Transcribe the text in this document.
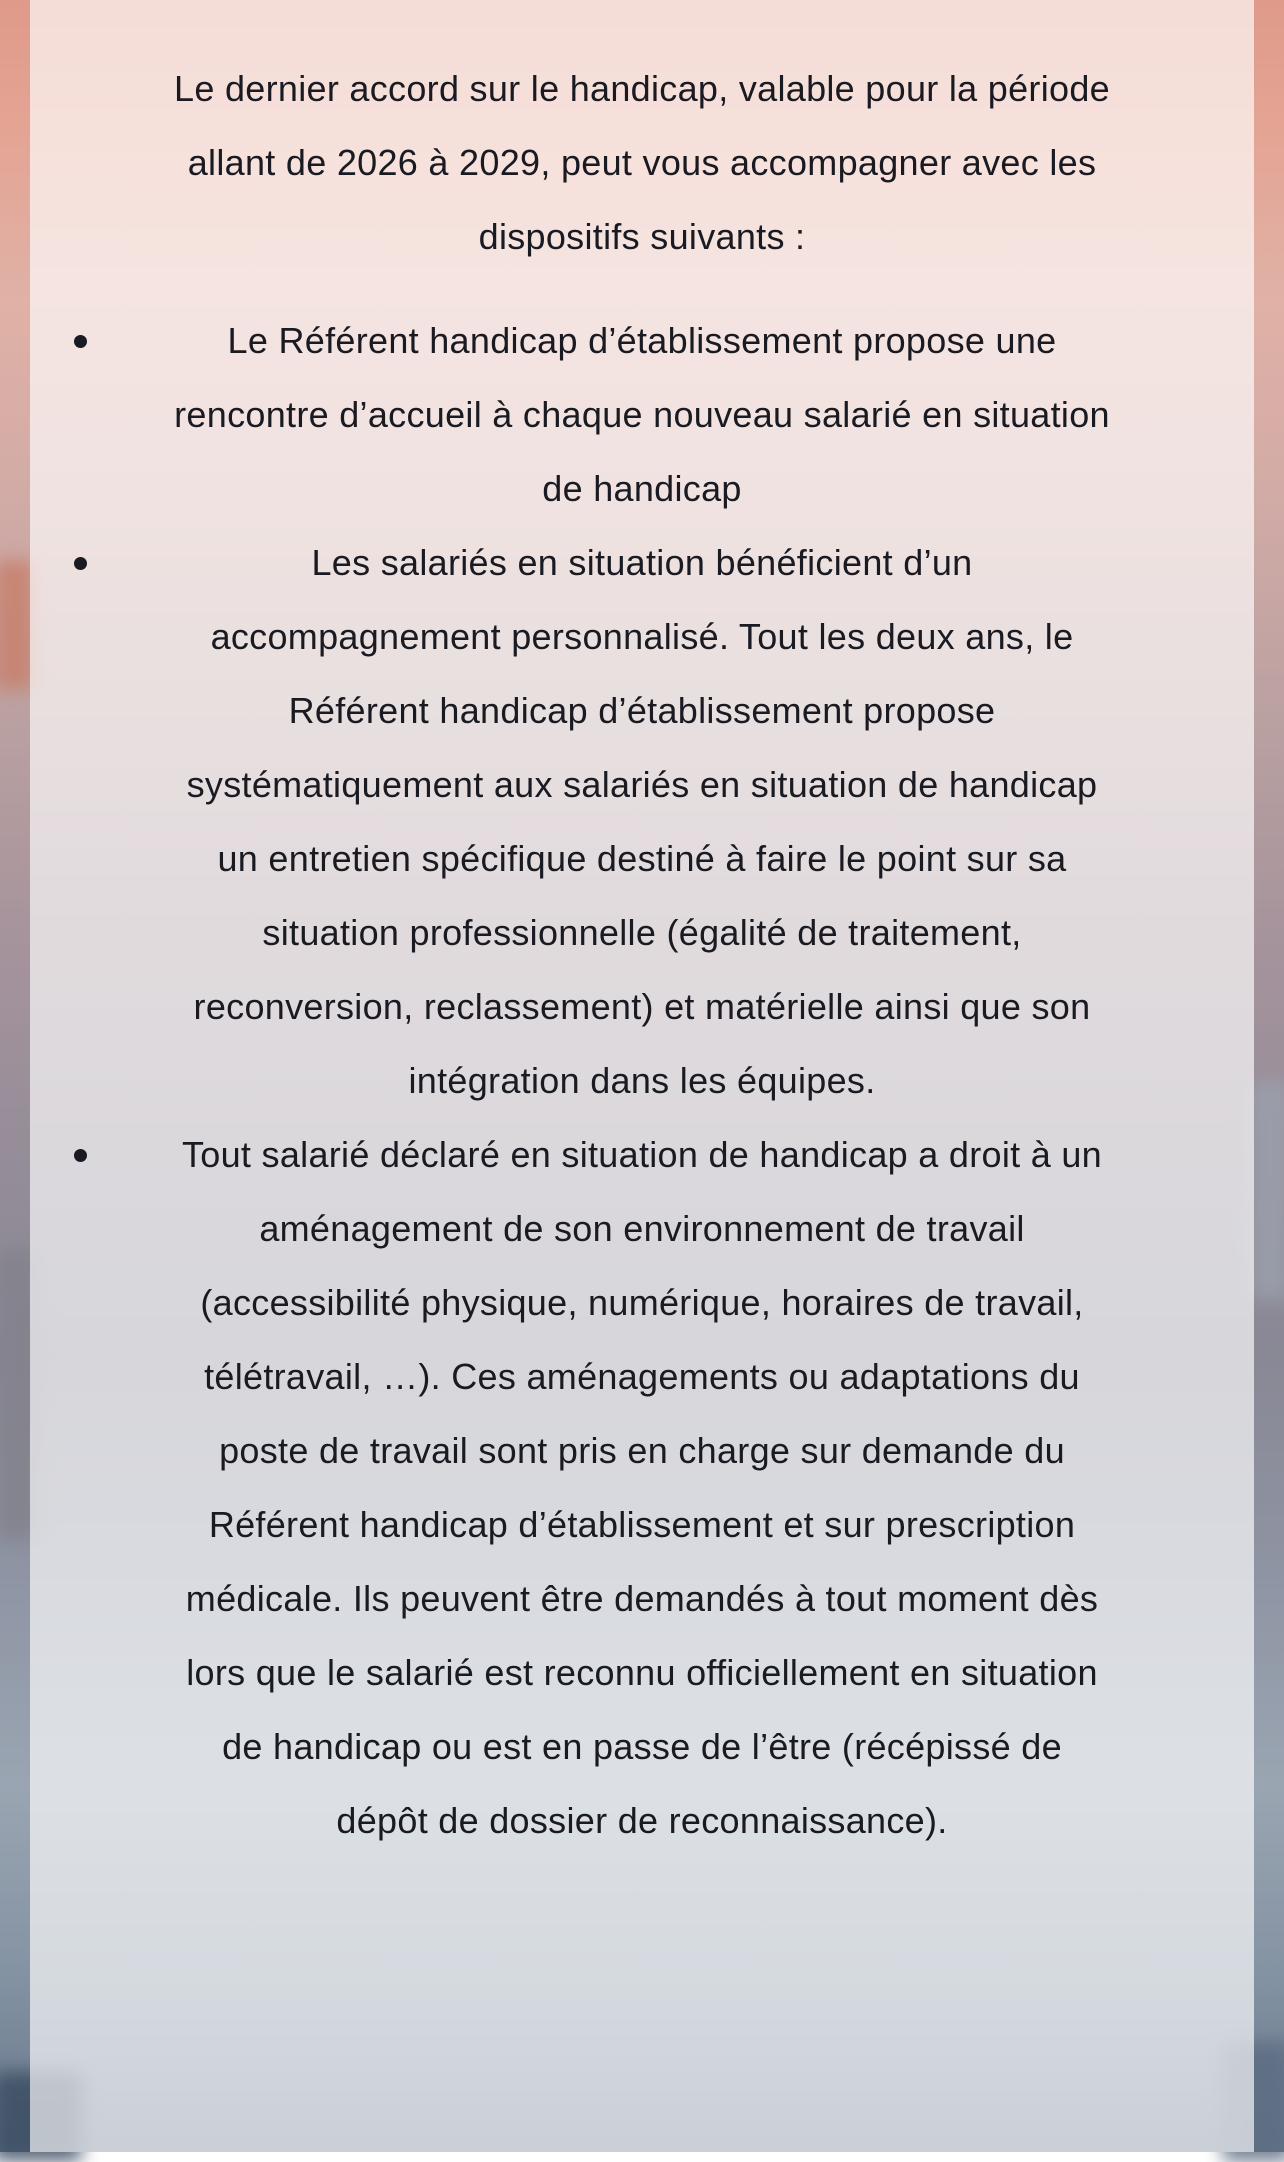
Le dernier accord sur le handicap, valable pour la période allant de 2026 à 2029, peut vous accompagner avec les dispositifs suivants :

Le Référent handicap d’établissement propose une rencontre d’accueil à chaque nouveau salarié en situation de handicap
Les salariés en situation bénéficient d’un accompagnement personnalisé. Tout les deux ans, le Référent handicap d’établissement propose systématiquement aux salariés en situation de handicap un entretien spécifique destiné à faire le point sur sa situation professionnelle (égalité de traitement, reconversion, reclassement) et matérielle ainsi que son intégration dans les équipes.
Tout salarié déclaré en situation de handicap a droit à un aménagement de son environnement de travail (accessibilité physique, numérique, horaires de travail, télétravail, …). Ces aménagements ou adaptations du poste de travail sont pris en charge sur demande du Référent handicap d’établissement et sur prescription médicale. Ils peuvent être demandés à tout moment dès lors que le salarié est reconnu officiellement en situation de handicap ou est en passe de l’être (récépissé de dépôt de dossier de reconnaissance).
